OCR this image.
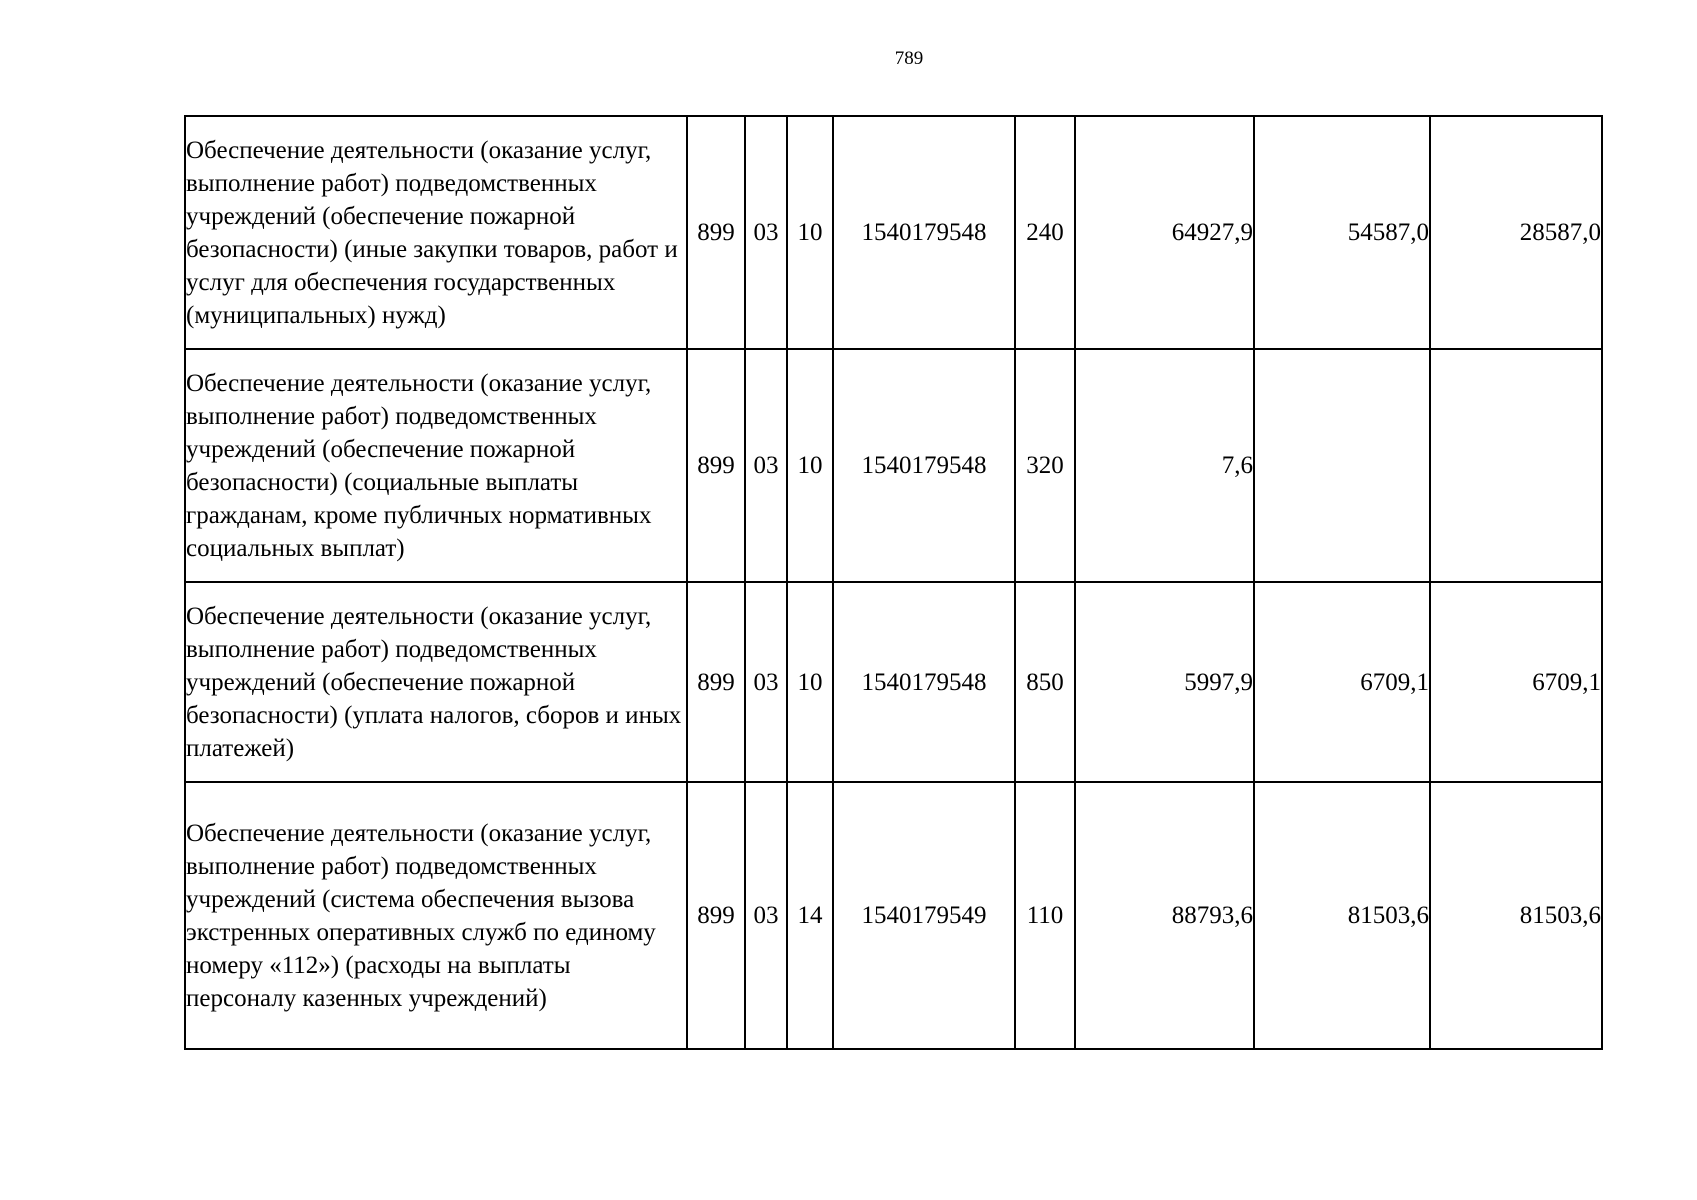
789
Обеспечение деятельности (оказание услуг, выполнение работ) подведомственных учреждений (обеспечение пожарной безопасности) (иные закупки товаров, работ и услуг для обеспечения государственных (муниципальных) нужд)	899	03	10	1540179548	240	64927,9	54587,0	28587,0
Обеспечение деятельности (оказание услуг, выполнение работ) подведомственных учреждений (обеспечение пожарной безопасности) (социальные выплаты гражданам, кроме публичных нормативных социальных выплат)	899	03	10	1540179548	320	7,6		
Обеспечение деятельности (оказание услуг, выполнение работ) подведомственных учреждений (обеспечение пожарной безопасности) (уплата налогов, сборов и иных платежей)	899	03	10	1540179548	850	5997,9	6709,1	6709,1
Обеспечение деятельности (оказание услуг, выполнение работ) подведомственных учреждений (система обеспечения вызова экстренных оперативных служб по единому номеру «112») (расходы на выплаты персоналу казенных учреждений)	899	03	14	1540179549	110	88793,6	81503,6	81503,6
